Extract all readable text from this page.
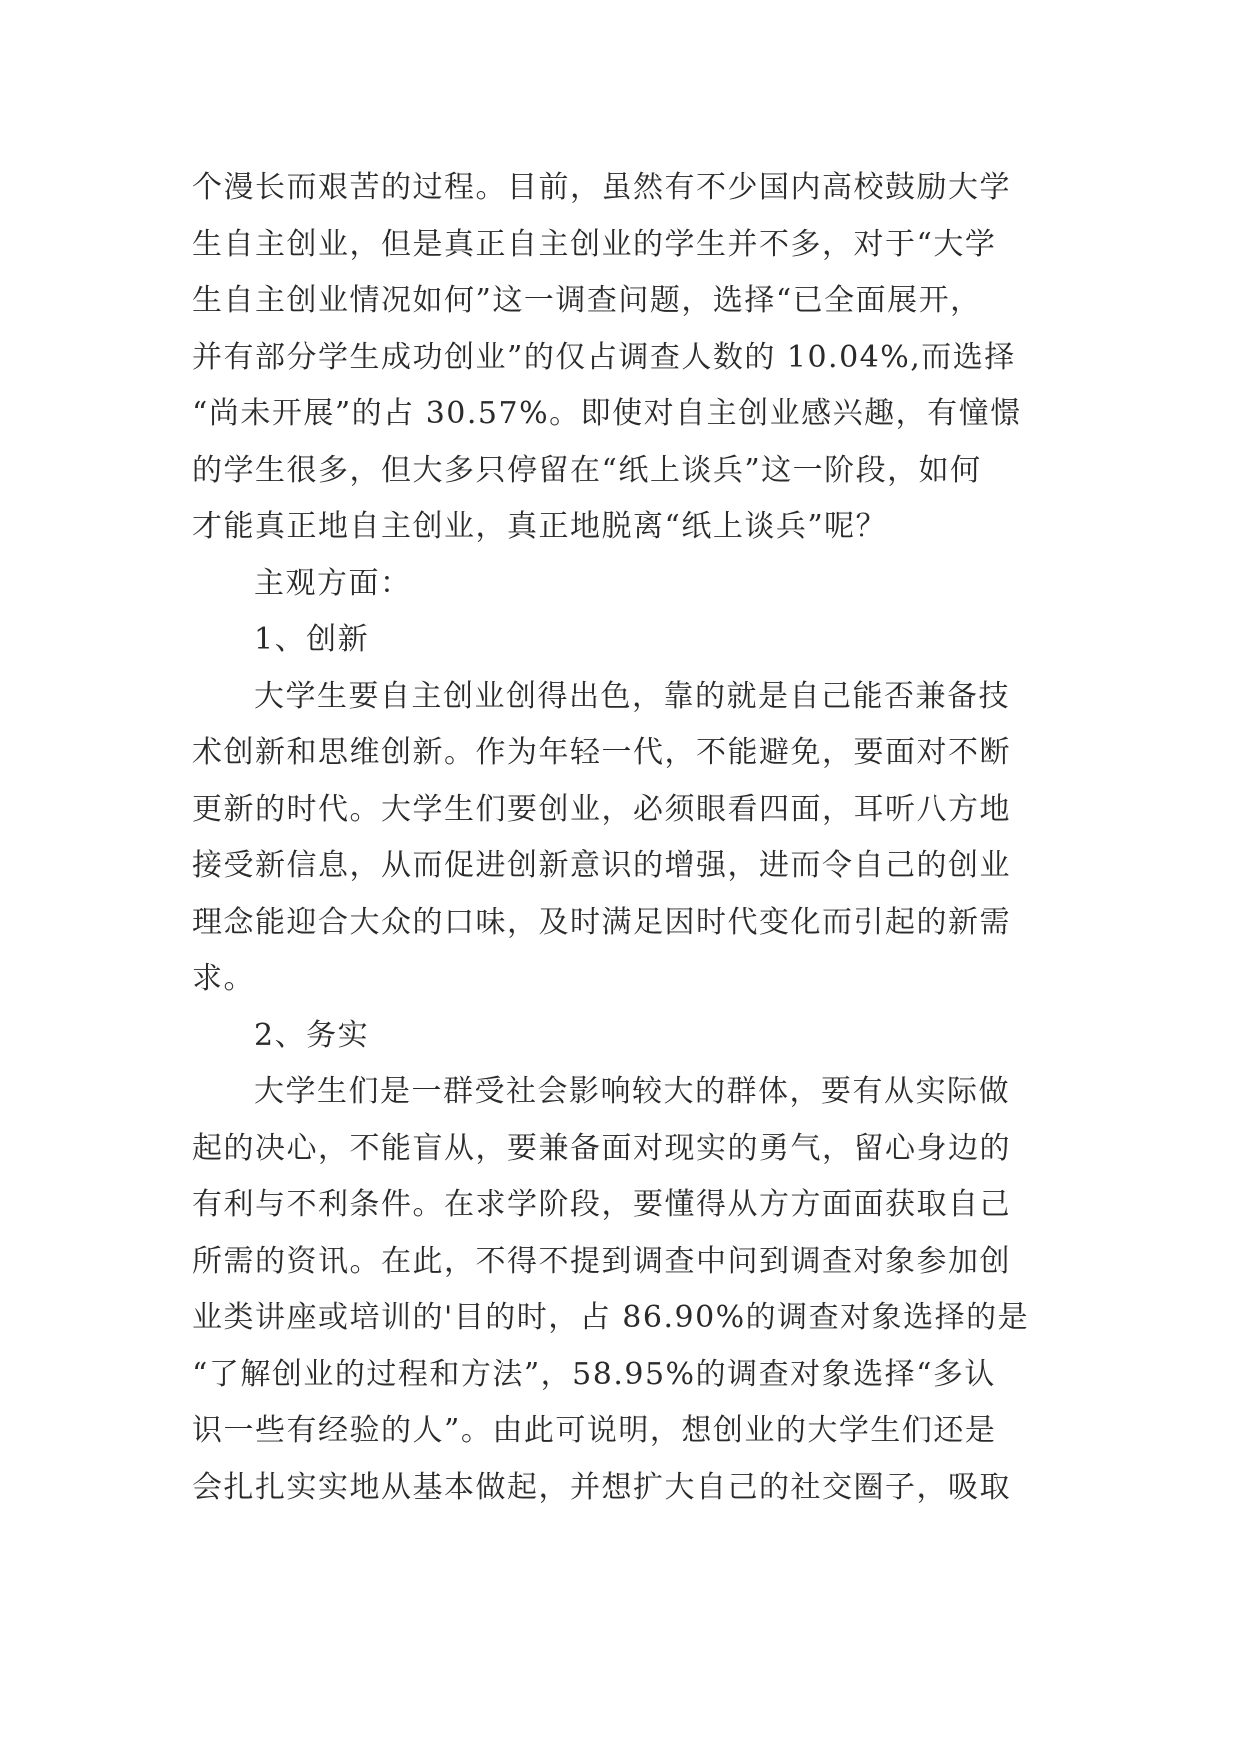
个漫长而艰苦的过程。目前，虽然有不少国内高校鼓励大学
生自主创业，但是真正自主创业的学生并不多，对于“大学
生自主创业情况如何”这一调查问题，选择“已全面展开，
并有部分学生成功创业”的仅占调查人数的 10.04%,而选择
“尚未开展”的占 30.57%。即使对自主创业感兴趣，有憧憬
的学生很多，但大多只停留在“纸上谈兵”这一阶段，如何
才能真正地自主创业，真正地脱离“纸上谈兵”呢？
主观方面：
1、创新
大学生要自主创业创得出色，靠的就是自己能否兼备技
术创新和思维创新。作为年轻一代，不能避免，要面对不断
更新的时代。大学生们要创业，必须眼看四面，耳听八方地
接受新信息，从而促进创新意识的增强，进而令自己的创业
理念能迎合大众的口味，及时满足因时代变化而引起的新需
求。
2、务实
大学生们是一群受社会影响较大的群体，要有从实际做
起的决心，不能盲从，要兼备面对现实的勇气，留心身边的
有利与不利条件。在求学阶段，要懂得从方方面面获取自己
所需的资讯。在此，不得不提到调查中问到调查对象参加创
业类讲座或培训的'目的时，占 86.90%的调查对象选择的是
“了解创业的过程和方法”，58.95%的调查对象选择“多认
识一些有经验的人”。由此可说明，想创业的大学生们还是
会扎扎实实地从基本做起，并想扩大自己的社交圈子，吸取
